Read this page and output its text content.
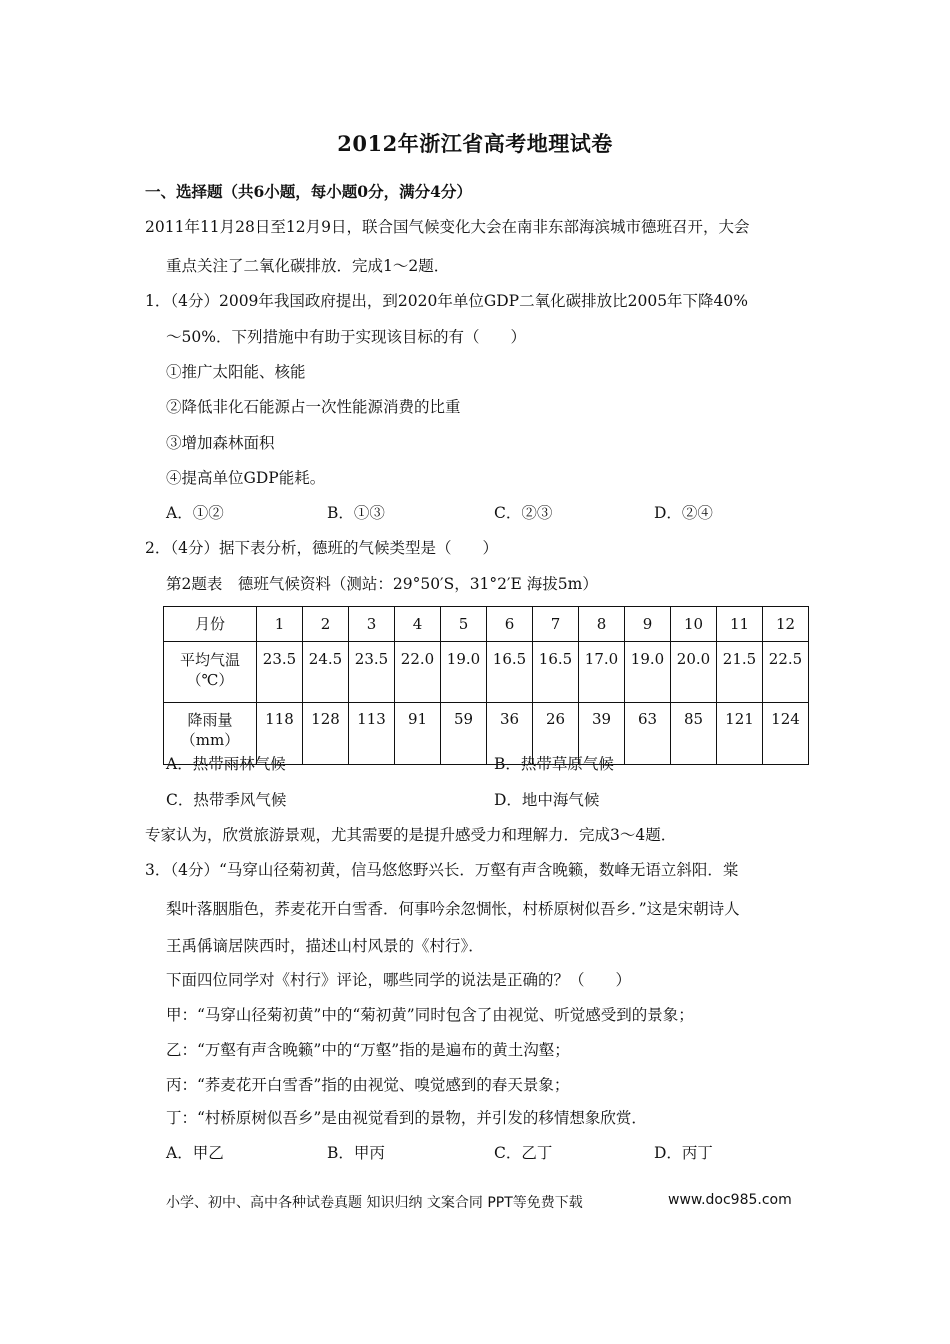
2012年浙江省高考地理试卷
一、选择题（共6小题，每小题0分，满分4分）
2011年11月28日至12月9日，联合国气候变化大会在南非东部海滨城市德班召开，大会
重点关注了二氧化碳排放．完成1～2题．
1．（4分）2009年我国政府提出，到2020年单位GDP二氧化碳排放比2005年下降40%
～50%．下列措施中有助于实现该目标的有（　　）
①推广太阳能、核能
②降低非化石能源占一次性能源消费的比重
③增加森林面积
④提高单位GDP能耗。
A．①②	B．①③	C．②③	D．②④
2．（4分）据下表分析，德班的气候类型是（　　）
第2题表　德班气候资料（测站：29°50′S，31°2′E 海拔5m）
月份	1	2	3	4	5	6	7	8	9	10	11	12

平均气温
（℃）	23.5	24.5	23.5	22.0	19.0	16.5	16.5	17.0	19.0	20.0	21.5	22.5

降雨量
（mm）	118	128	113	91	59	36	26	39	63	85	121	124
A．热带雨林气候	B．热带草原气候
C．热带季风气候	D．地中海气候
专家认为，欣赏旅游景观，尤其需要的是提升感受力和理解力．完成3～4题．
3．（4分）“马穿山径菊初黄，信马悠悠野兴长．万壑有声含晚籁，数峰无语立斜阳．棠
梨叶落胭脂色，荞麦花开白雪香．何事吟余忽惆怅，村桥原树似吾乡．”这是宋朝诗人
王禹偁谪居陕西时，描述山村风景的《村行》．
下面四位同学对《村行》评论，哪些同学的说法是正确的？（　　）
甲：“马穿山径菊初黄”中的“菊初黄”同时包含了由视觉、听觉感受到的景象；
乙：“万壑有声含晚籁”中的“万壑”指的是遍布的黄土沟壑；
丙：“荞麦花开白雪香”指的由视觉、嗅觉感到的春天景象；
丁：“村桥原树似吾乡”是由视觉看到的景物，并引发的移情想象欣赏．
A．甲乙	B．甲丙	C．乙丁	D．丙丁
小学、初中、高中各种试卷真题 知识归纳 文案合同 PPT等免费下载	www.doc985.com
